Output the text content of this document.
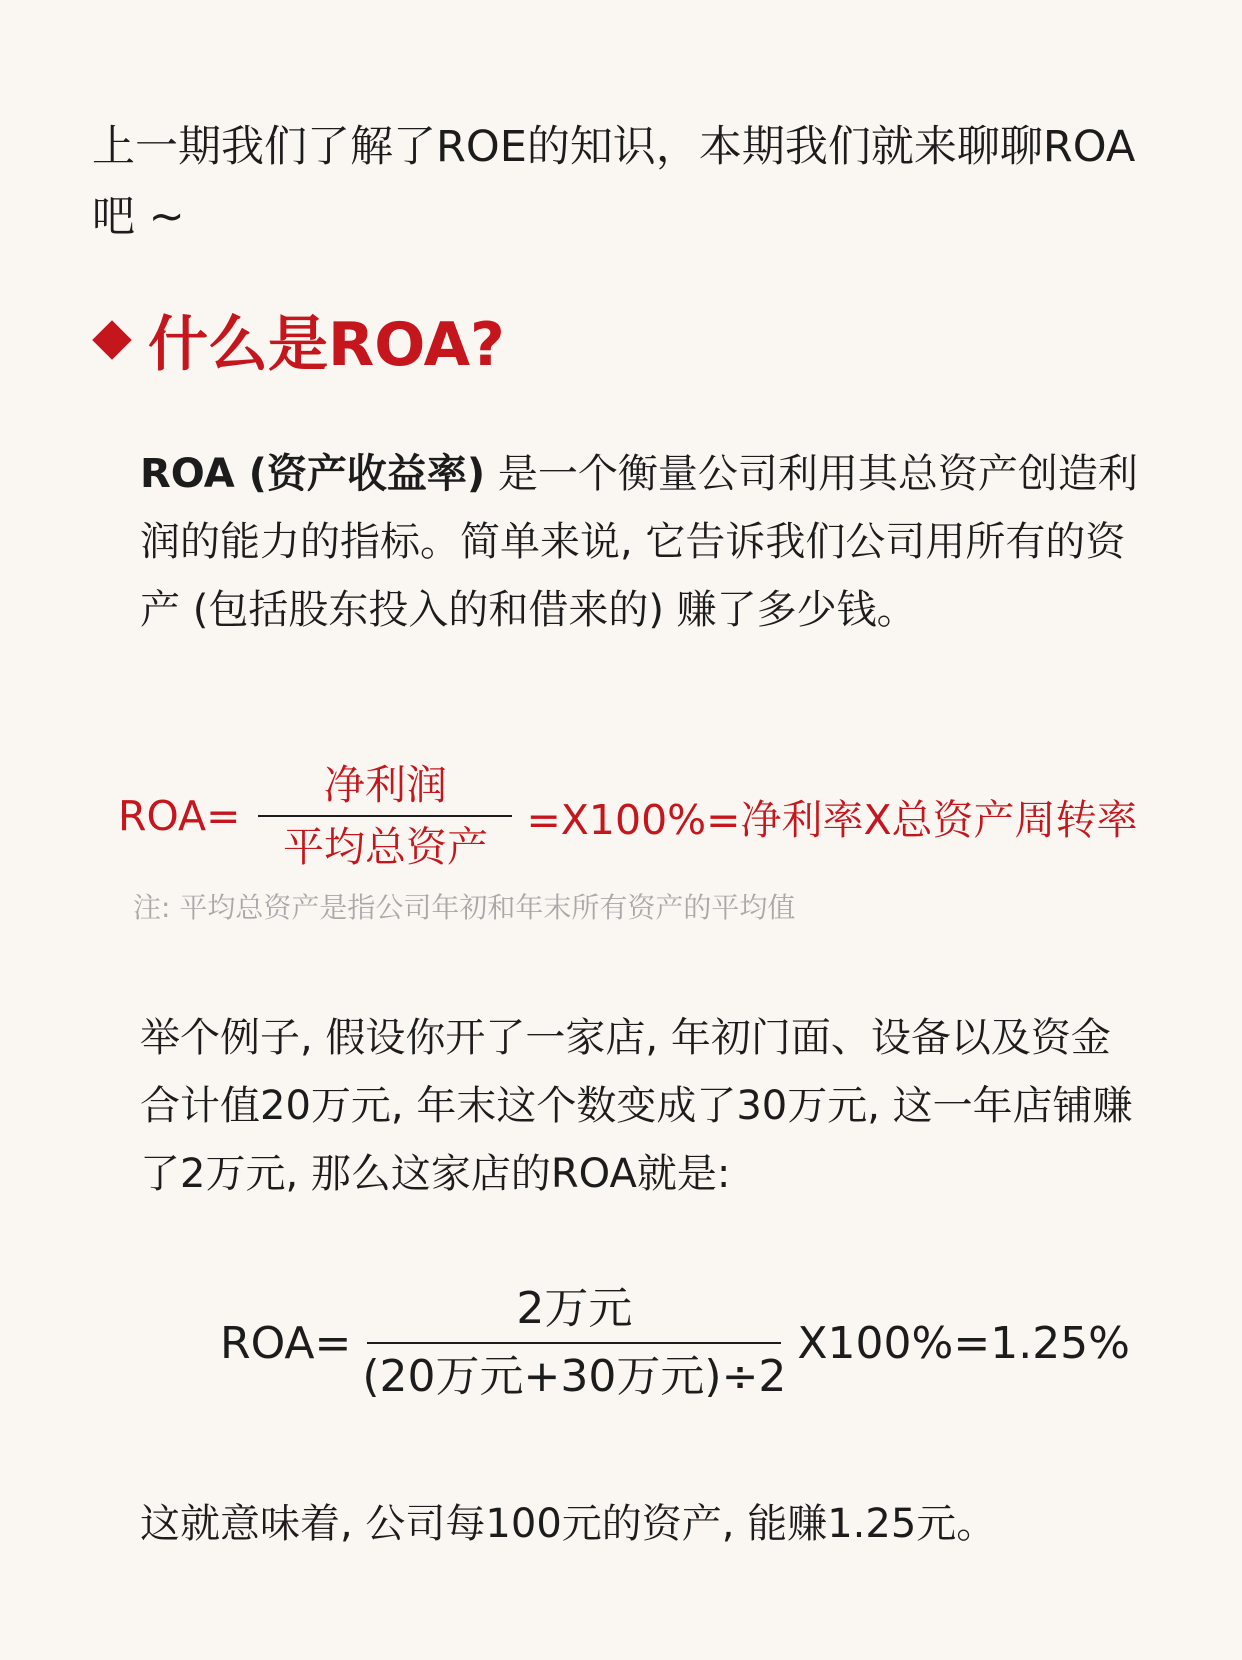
上一期我们了解了ROE的知识，本期我们就来聊聊ROA吧 ~
什么是ROA?
ROA (资产收益率) 是一个衡量公司利用其总资产创造利润的能力的指标。简单来说, 它告诉我们公司用所有的资产 (包括股东投入的和借来的) 赚了多少钱。
$ROA= \frac{\text{净利润}}{\text{平均总资产}} =X100\%=$净利率X总资产周转率
注: 平均总资产是指公司年初和年末所有资产的平均值
举个例子, 假设你开了一家店, 年初门面、设备以及资金合计值20万元, 年末这个数变成了30万元, 这一年店铺赚了2万元, 那么这家店的ROA就是:
$ROA= \frac{\text{2万元}}{\text{(20万元+30万元)÷2}} X100\%=1.25\%$
这就意味着, 公司每100元的资产, 能赚1.25元。
